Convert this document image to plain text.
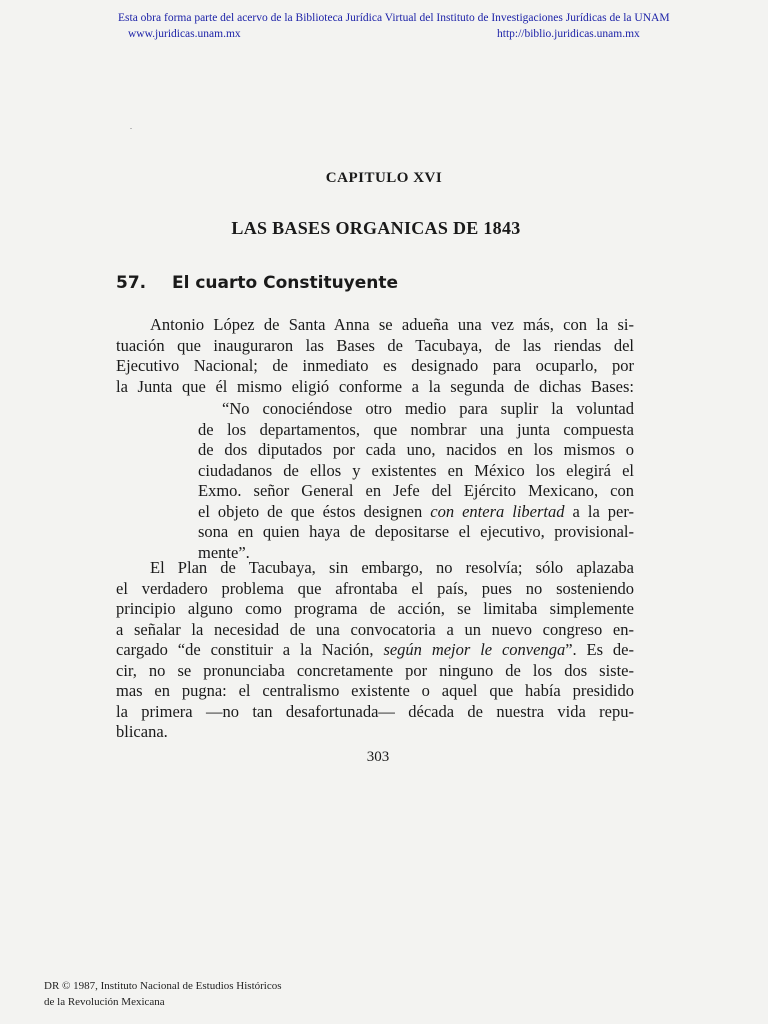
Esta obra forma parte del acervo de la Biblioteca Jurídica Virtual del Instituto de Investigaciones Jurídicas de la UNAM
www.juridicas.unam.mx	http://biblio.juridicas.unam.mx
CAPITULO XVI
LAS BASES ORGANICAS DE 1843
57. El cuarto Constituyente
Antonio López de Santa Anna se adueña una vez más, con la si-
tuación que inauguraron las Bases de Tacubaya, de las riendas del
Ejecutivo Nacional; de inmediato es designado para ocuparlo, por
la Junta que él mismo eligió conforme a la segunda de dichas Bases:
“No conociéndose otro medio para suplir la voluntad
de los departamentos, que nombrar una junta compuesta
de dos diputados por cada uno, nacidos en los mismos o
ciudadanos de ellos y existentes en México los elegirá el
Exmo. señor General en Jefe del Ejército Mexicano, con
el objeto de que éstos designen con entera libertad a la per-
sona en quien haya de depositarse el ejecutivo, provisional-
mente”.
El Plan de Tacubaya, sin embargo, no resolvía; sólo aplazaba
el verdadero problema que afrontaba el país, pues no sosteniendo
principio alguno como programa de acción, se limitaba simplemente
a señalar la necesidad de una convocatoria a un nuevo congreso en-
cargado “de constituir a la Nación, según mejor le convenga”. Es de-
cir, no se pronunciaba concretamente por ninguno de los dos siste-
mas en pugna: el centralismo existente o aquel que había presidido
la primera —no tan desafortunada— década de nuestra vida repu-
blicana.
303
DR © 1987, Instituto Nacional de Estudios Históricos
de la Revolución Mexicana
